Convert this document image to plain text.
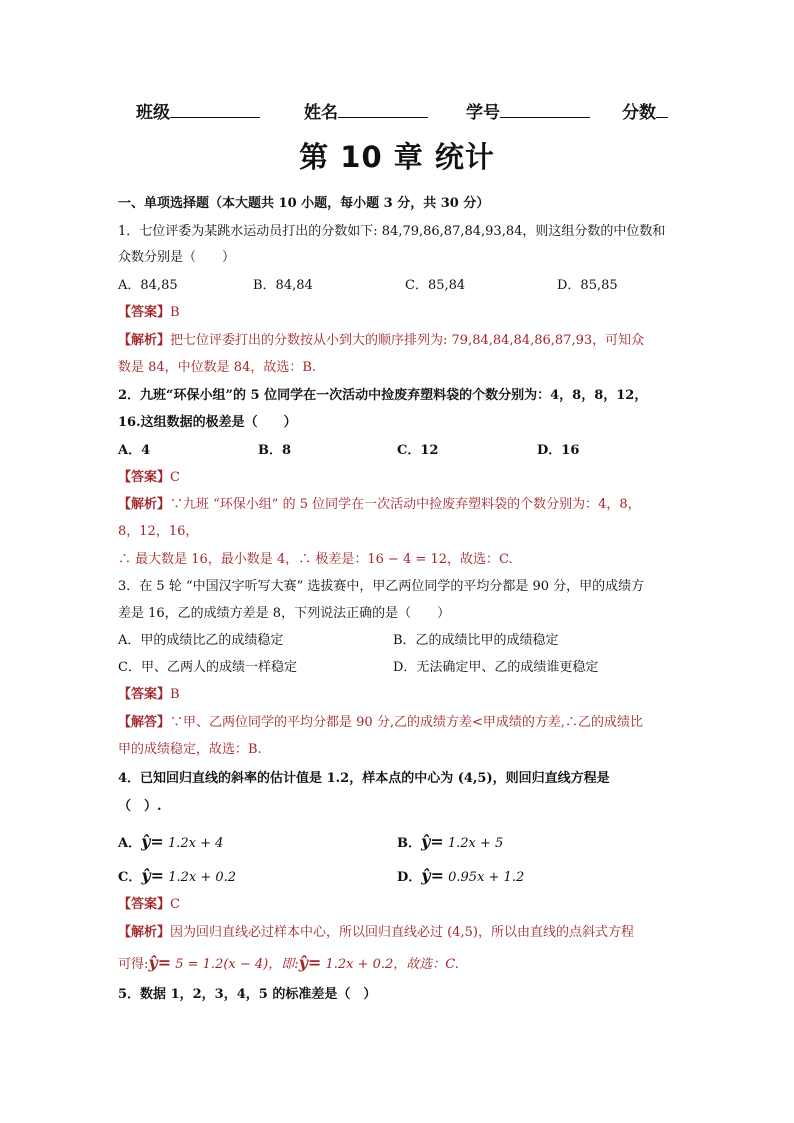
班级	姓名	学号	分数
第 10 章 统计
一、单项选择题（本大题共 10 小题，每小题 3 分，共 30 分）
1．七位评委为某跳水运动员打出的分数如下: 84,79,86,87,84,93,84，则这组分数的中位数和
众数分别是（　　）
A．84,85	B．84,84	C．85,84	D．85,85
【答案】B
【解析】把七位评委打出的分数按从小到大的顺序排列为: 79,84,84,84,86,87,93，可知众
数是 84，中位数是 84，故选：B.
2．九班“环保小组”的 5 位同学在一次活动中捡废弃塑料袋的个数分别为：4，8，8，12，
16.这组数据的极差是（　　）
A．4	B．8	C．12	D．16
【答案】C
【解析】∵九班 “环保小组” 的 5 位同学在一次活动中捡废弃塑料袋的个数分别为：4，8，
8，12，16，
∴ 最大数是 16，最小数是 4，∴ 极差是：16 − 4 = 12，故选：C.
3．在 5 轮 “中国汉字听写大赛” 选拔赛中，甲乙两位同学的平均分都是 90 分，甲的成绩方
差是 16，乙的成绩方差是 8，下列说法正确的是（　　）
A．甲的成绩比乙的成绩稳定	B．乙的成绩比甲的成绩稳定
C．甲、乙两人的成绩一样稳定	D．无法确定甲、乙的成绩谁更稳定
【答案】B
【解答】∵甲、乙两位同学的平均分都是 90 分,乙的成绩方差<甲成绩的方差,∴乙的成绩比
甲的成绩稳定，故选：B.
4．已知回归直线的斜率的估计值是 1.2，样本点的中心为 (4,5)，则回归直线方程是
（　）.
A．ŷ= 1.2x + 4	B．ŷ= 1.2x + 5
C．ŷ= 1.2x + 0.2	D．ŷ= 0.95x + 1.2
【答案】C
【解析】因为回归直线必过样本中心，所以回归直线必过 (4,5)，所以由直线的点斜式方程
可得:ŷ= 5 = 1.2(x − 4)，即:ŷ= 1.2x + 0.2，故选：C.
5．数据 1，2，3，4，5 的标准差是（　）
